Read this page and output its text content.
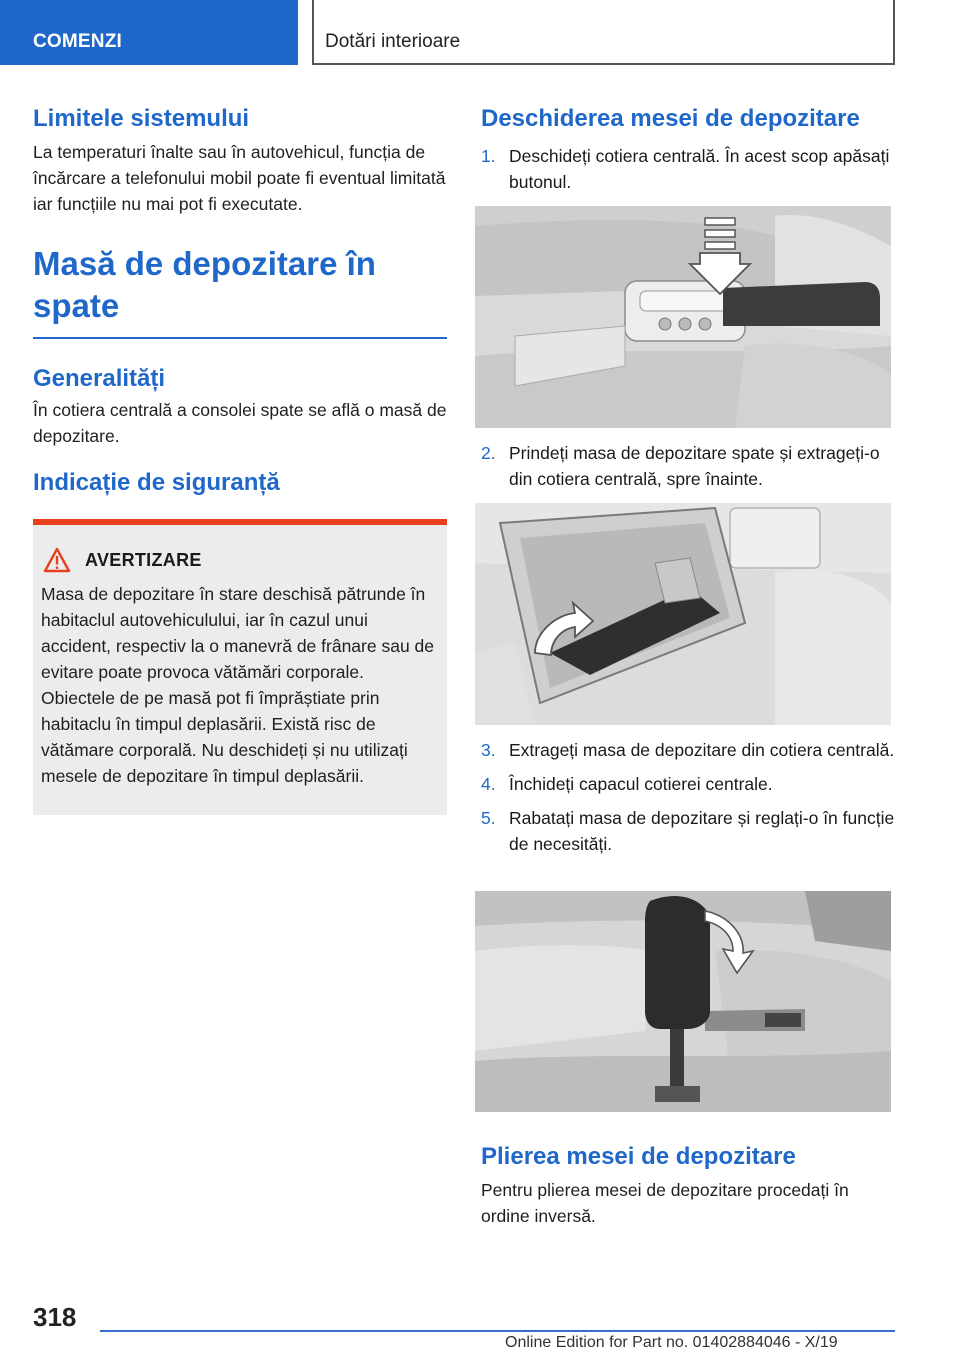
COMENZI	Dotări interioare
Limitele sistemului

La temperaturi înalte sau în autovehicul, funcția de încărcare a telefonului mobil poate fi eventual limitată iar funcțiile nu mai pot fi executate.

Masă de depozitare în spate
Generalități

În cotiera centrală a consolei spate se află o masă de depozitare.

Indicație de siguranță
AVERTIZARE

Masa de depozitare în stare deschisă pătrunde în habitaclul autovehiculului, iar în cazul unui accident, respectiv la o manevră de frânare sau de evitare poate provoca vătămări corporale. Obiectele de pe masă pot fi împrăștiate prin habitaclu în timpul deplasării. Există risc de vătămare corporală. Nu deschideți și nu utilizați mesele de depozitare în timpul deplasării.

Deschiderea mesei de depozitare
1. Deschideți cotiera centrală. În acest scop apăsați butonul.
2. Prindeți masa de depozitare spate și extrageți-o din cotiera centrală, spre înainte.
3. Extrageți masa de depozitare din cotiera centrală.
4. Închideți capacul cotierei centrale.
5. Rabatați masa de depozitare și reglați-o în funcție de necesități.
Plierea mesei de depozitare

Pentru plierea mesei de depozitare procedați în ordine inversă.

318
Online Edition for Part no. 01402884046 - X/19
